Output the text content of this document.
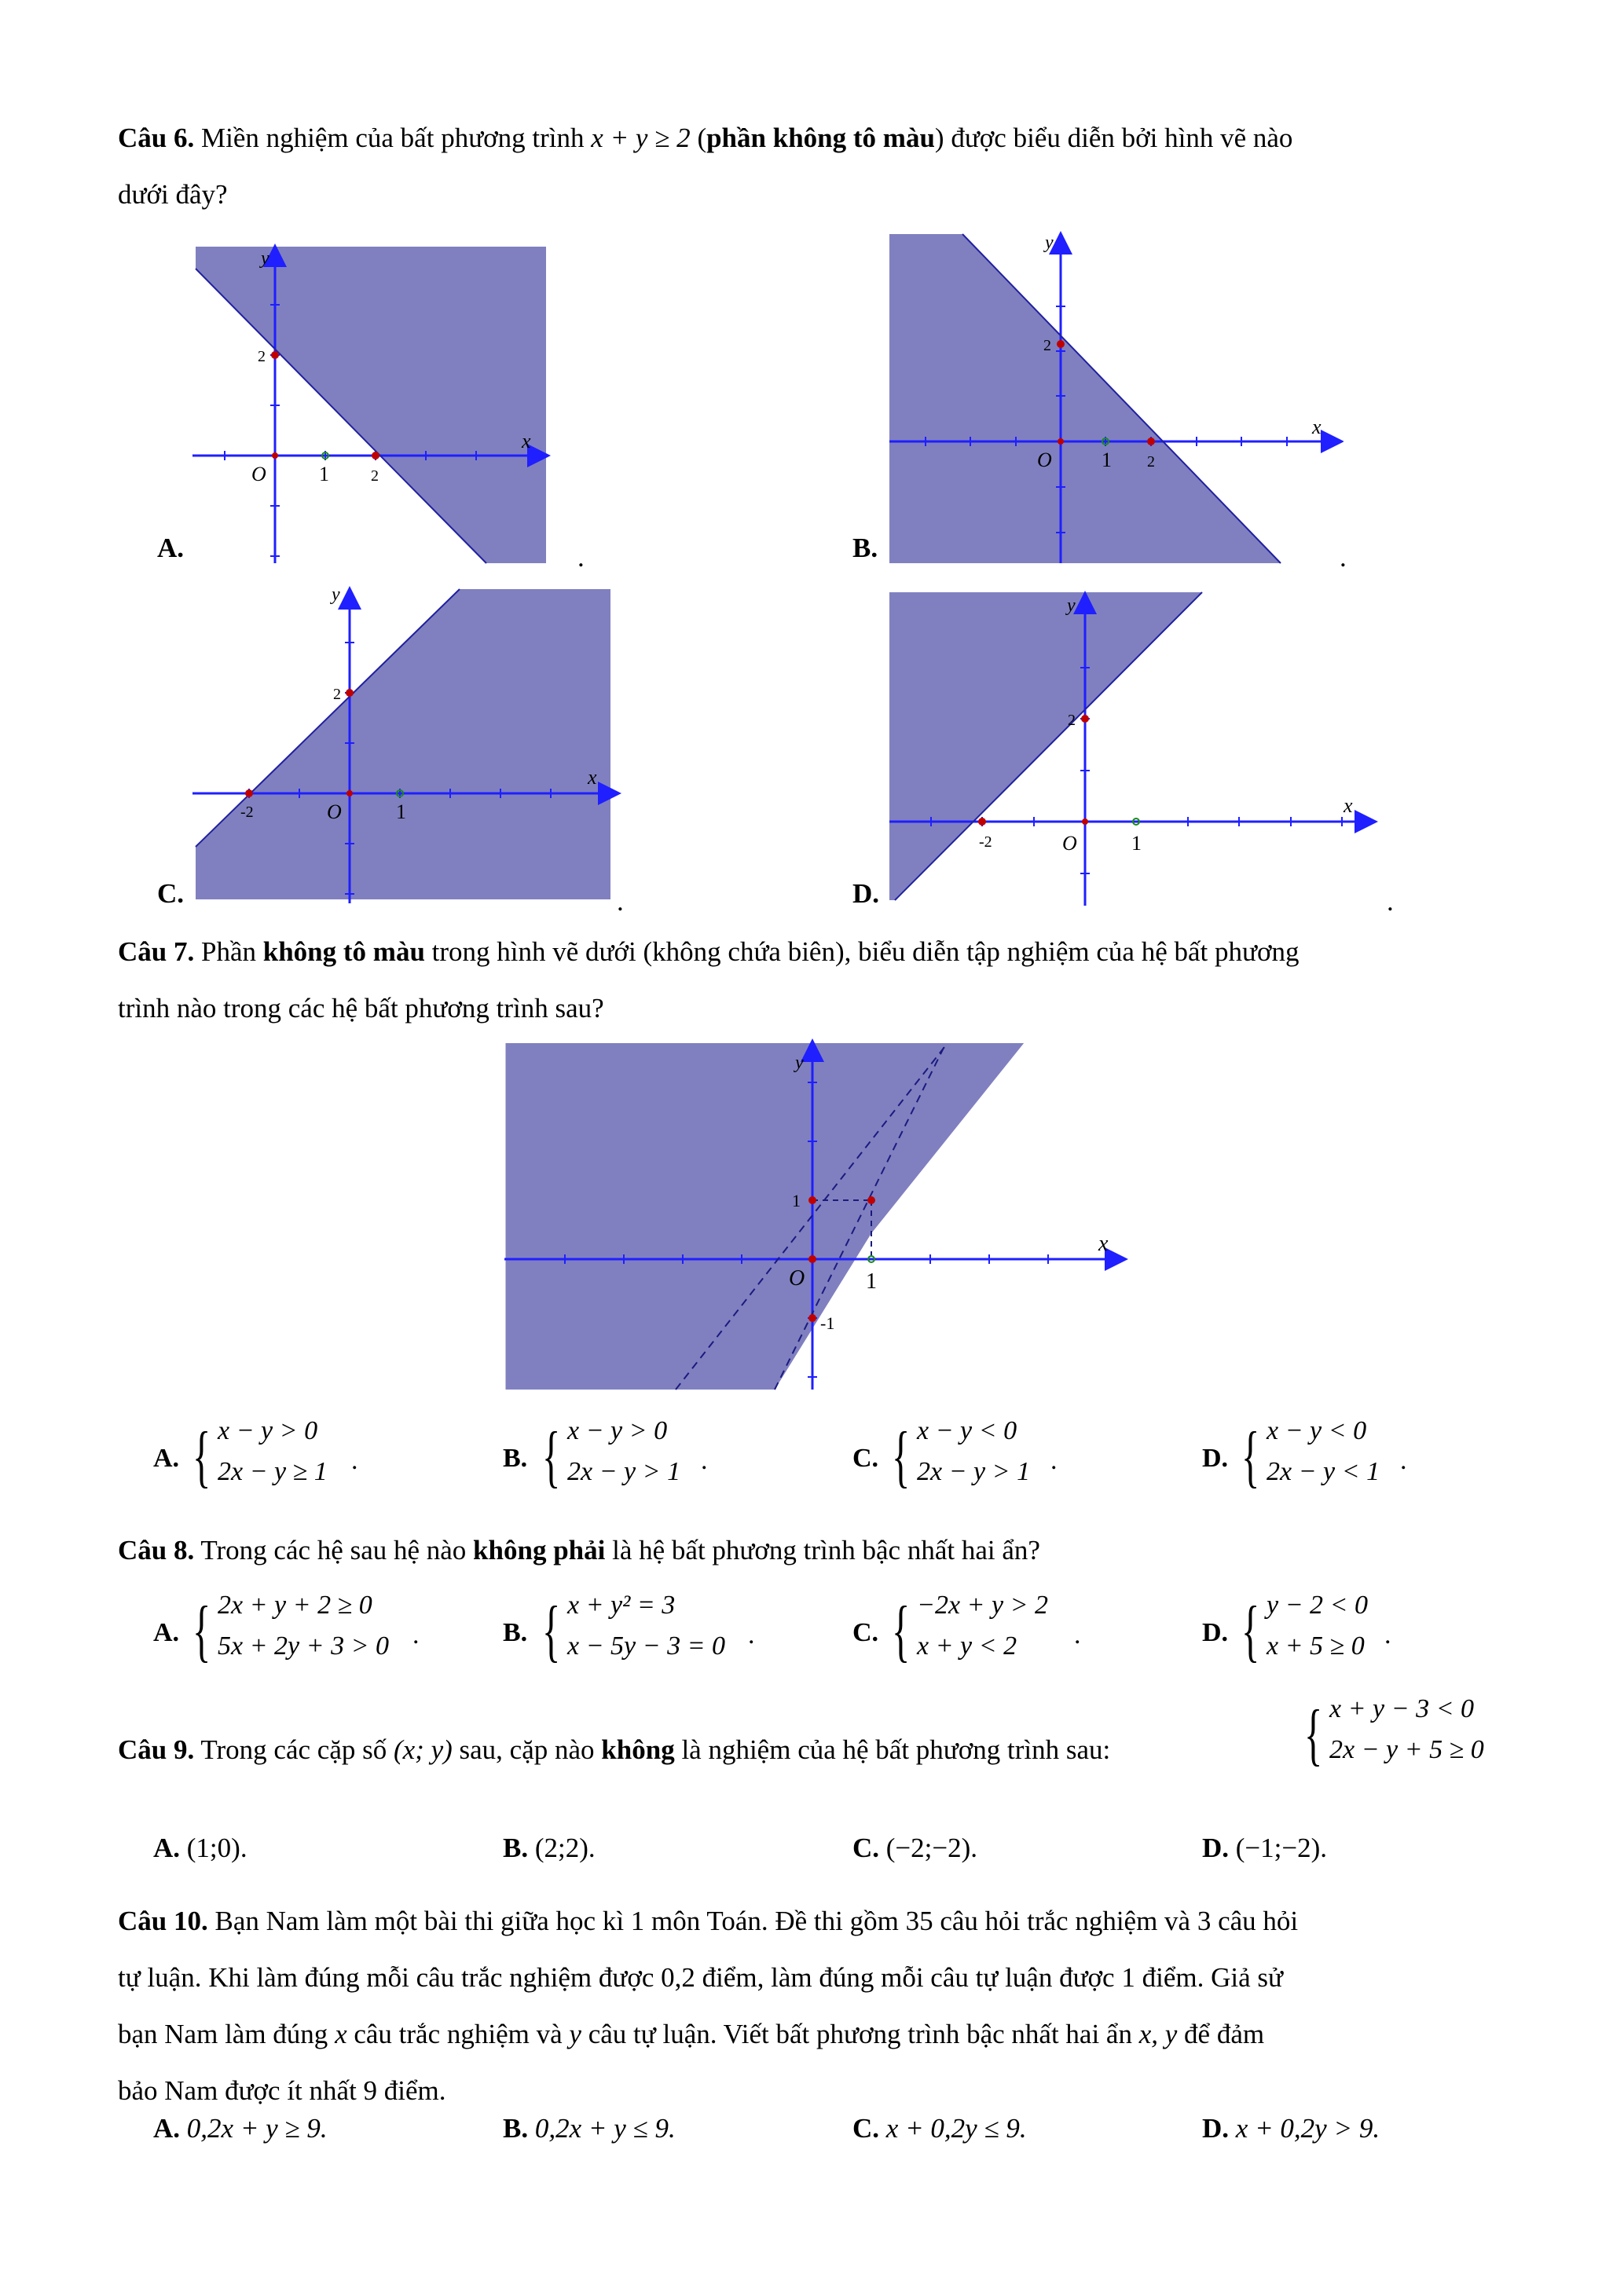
Câu 6. Miền nghiệm của bất phương trình x + y ≥ 2 (phần không tô màu) được biểu diễn bởi hình vẽ nào
dưới đây?
A.
y
x
O	1	2
2
.	B.
y
x
O 1 2
2
.
C.
y
x
O	1
-2
2
.	D.
y
x
O	1
-2
2
.
Câu 7. Phần không tô màu trong hình vẽ dưới (không chứa biên), biểu diễn tập nghiệm của hệ bất phương
trình nào trong các hệ bất phương trình sau?
y
x
O	1
1
-1
A. { x − y > 0
2x − y ≥ 1 .	B. { x − y > 0
2x − y > 1 .	C. { x − y < 0
2x − y > 1 .	D. { x − y < 0
2x − y < 1 .
Câu 8. Trong các hệ sau hệ nào không phải là hệ bất phương trình bậc nhất hai ẩn?
A. { 2x + y + 2 ≥ 0
5x + 2y + 3 > 0 .	B. { x + y² = 3
x − 5y − 3 = 0 .	C. { −2x + y > 2
x + y < 2 .	D. { y − 2 < 0
x + 5 ≥ 0 .
Câu 9. Trong các cặp số (x; y) sau, cặp nào không là nghiệm của hệ bất phương trình sau:	{ x + y − 3 < 0
2x − y + 5 ≥ 0
A. (1;0).	B. (2;2).	C. (−2;−2).	D. (−1;−2).
Câu 10. Bạn Nam làm một bài thi giữa học kì 1 môn Toán. Đề thi gồm 35 câu hỏi trắc nghiệm và 3 câu hỏi
tự luận. Khi làm đúng mỗi câu trắc nghiệm được 0,2 điểm, làm đúng mỗi câu tự luận được 1 điểm. Giả sử
bạn Nam làm đúng x câu trắc nghiệm và y câu tự luận. Viết bất phương trình bậc nhất hai ẩn x, y để đảm
bảo Nam được ít nhất 9 điểm.
A. 0,2x + y ≥ 9.	B. 0,2x + y ≤ 9.	C. x + 0,2y ≤ 9.	D. x + 0,2y > 9.
